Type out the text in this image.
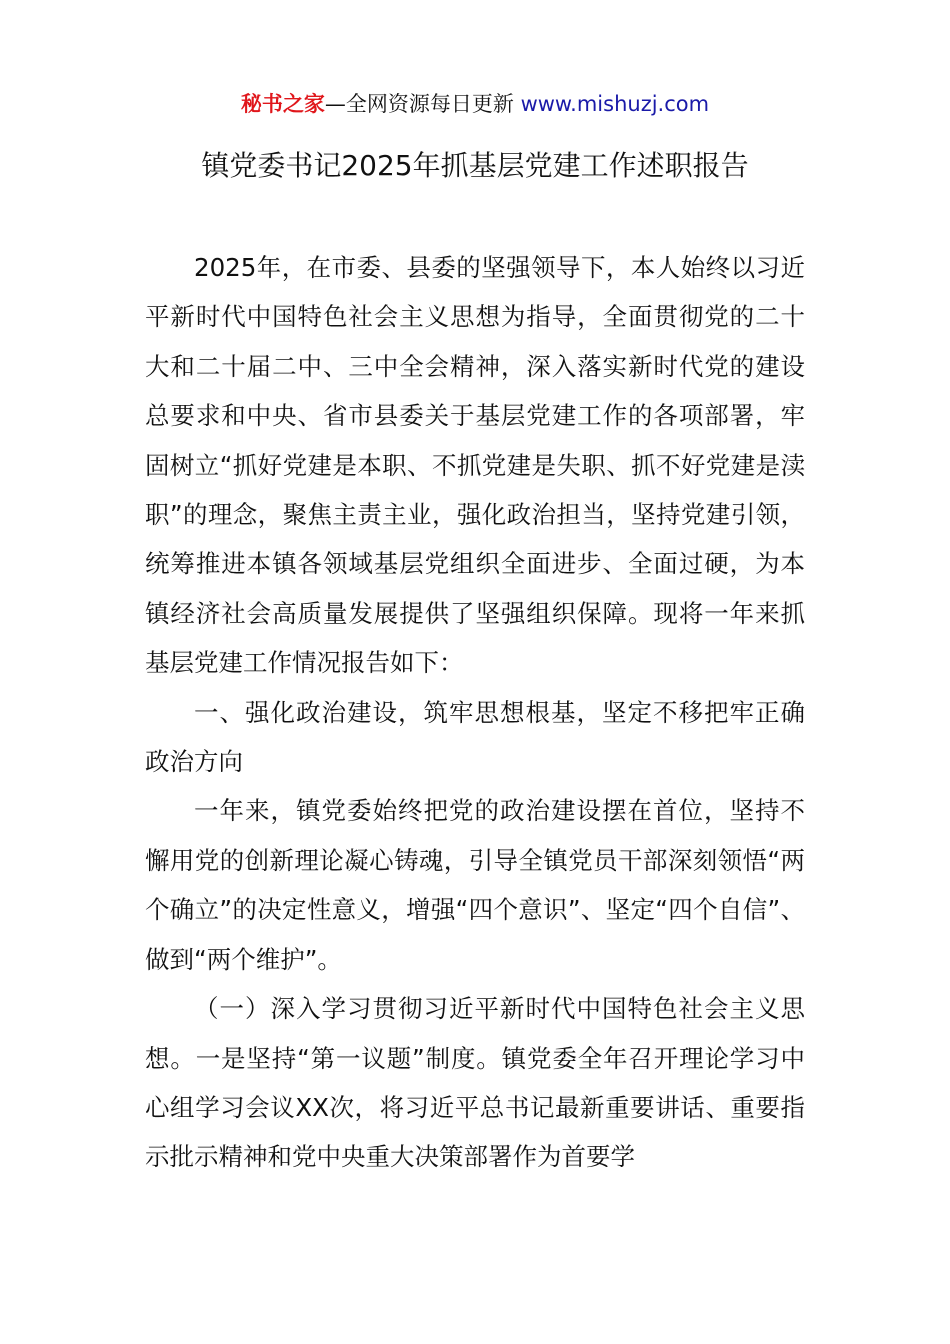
秘书之家—全网资源每日更新 www.mishuzj.com
镇党委书记2025年抓基层党建工作述职报告

2025年，在市委、县委的坚强领导下，本人始终以习近平新时代中国特色社会主义思想为指导，全面贯彻党的二十大和二十届二中、三中全会精神，深入落实新时代党的建设总要求和中央、省市县委关于基层党建工作的各项部署，牢固树立“抓好党建是本职、不抓党建是失职、抓不好党建是渎职”的理念，聚焦主责主业，强化政治担当，坚持党建引领，统筹推进本镇各领域基层党组织全面进步、全面过硬，为本镇经济社会高质量发展提供了坚强组织保障。现将一年来抓基层党建工作情况报告如下：

一、强化政治建设，筑牢思想根基，坚定不移把牢正确政治方向

一年来，镇党委始终把党的政治建设摆在首位，坚持不懈用党的创新理论凝心铸魂，引导全镇党员干部深刻领悟“两个确立”的决定性意义，增强“四个意识”、坚定“四个自信”、做到“两个维护”。

（一）深入学习贯彻习近平新时代中国特色社会主义思想。一是坚持“第一议题”制度。镇党委全年召开理论学习中心组学习会议XX次，将习近平总书记最新重要讲话、重要指示批示精神和党中央重大决策部署作为首要学
